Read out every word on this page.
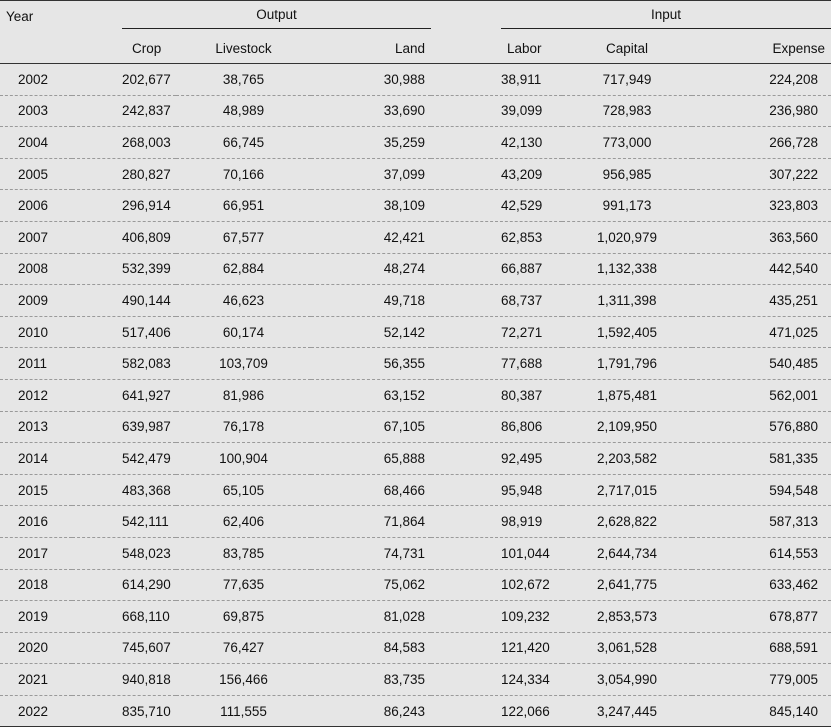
Year	Output			Input		

	Crop	Livestock	Land	Labor	Capital	Expense
2002	202,677	38,765	30,988	38,911	717,949	224,208
2003	242,837	48,989	33,690	39,099	728,983	236,980
2004	268,003	66,745	35,259	42,130	773,000	266,728
2005	280,827	70,166	37,099	43,209	956,985	307,222
2006	296,914	66,951	38,109	42,529	991,173	323,803
2007	406,809	67,577	42,421	62,853	1,020,979	363,560
2008	532,399	62,884	48,274	66,887	1,132,338	442,540
2009	490,144	46,623	49,718	68,737	1,311,398	435,251
2010	517,406	60,174	52,142	72,271	1,592,405	471,025
2011	582,083	103,709	56,355	77,688	1,791,796	540,485
2012	641,927	81,986	63,152	80,387	1,875,481	562,001
2013	639,987	76,178	67,105	86,806	2,109,950	576,880
2014	542,479	100,904	65,888	92,495	2,203,582	581,335
2015	483,368	65,105	68,466	95,948	2,717,015	594,548
2016	542,111	62,406	71,864	98,919	2,628,822	587,313
2017	548,023	83,785	74,731	101,044	2,644,734	614,553
2018	614,290	77,635	75,062	102,672	2,641,775	633,462
2019	668,110	69,875	81,028	109,232	2,853,573	678,877
2020	745,607	76,427	84,583	121,420	3,061,528	688,591
2021	940,818	156,466	83,735	124,334	3,054,990	779,005
2022	835,710	111,555	86,243	122,066	3,247,445	845,140
